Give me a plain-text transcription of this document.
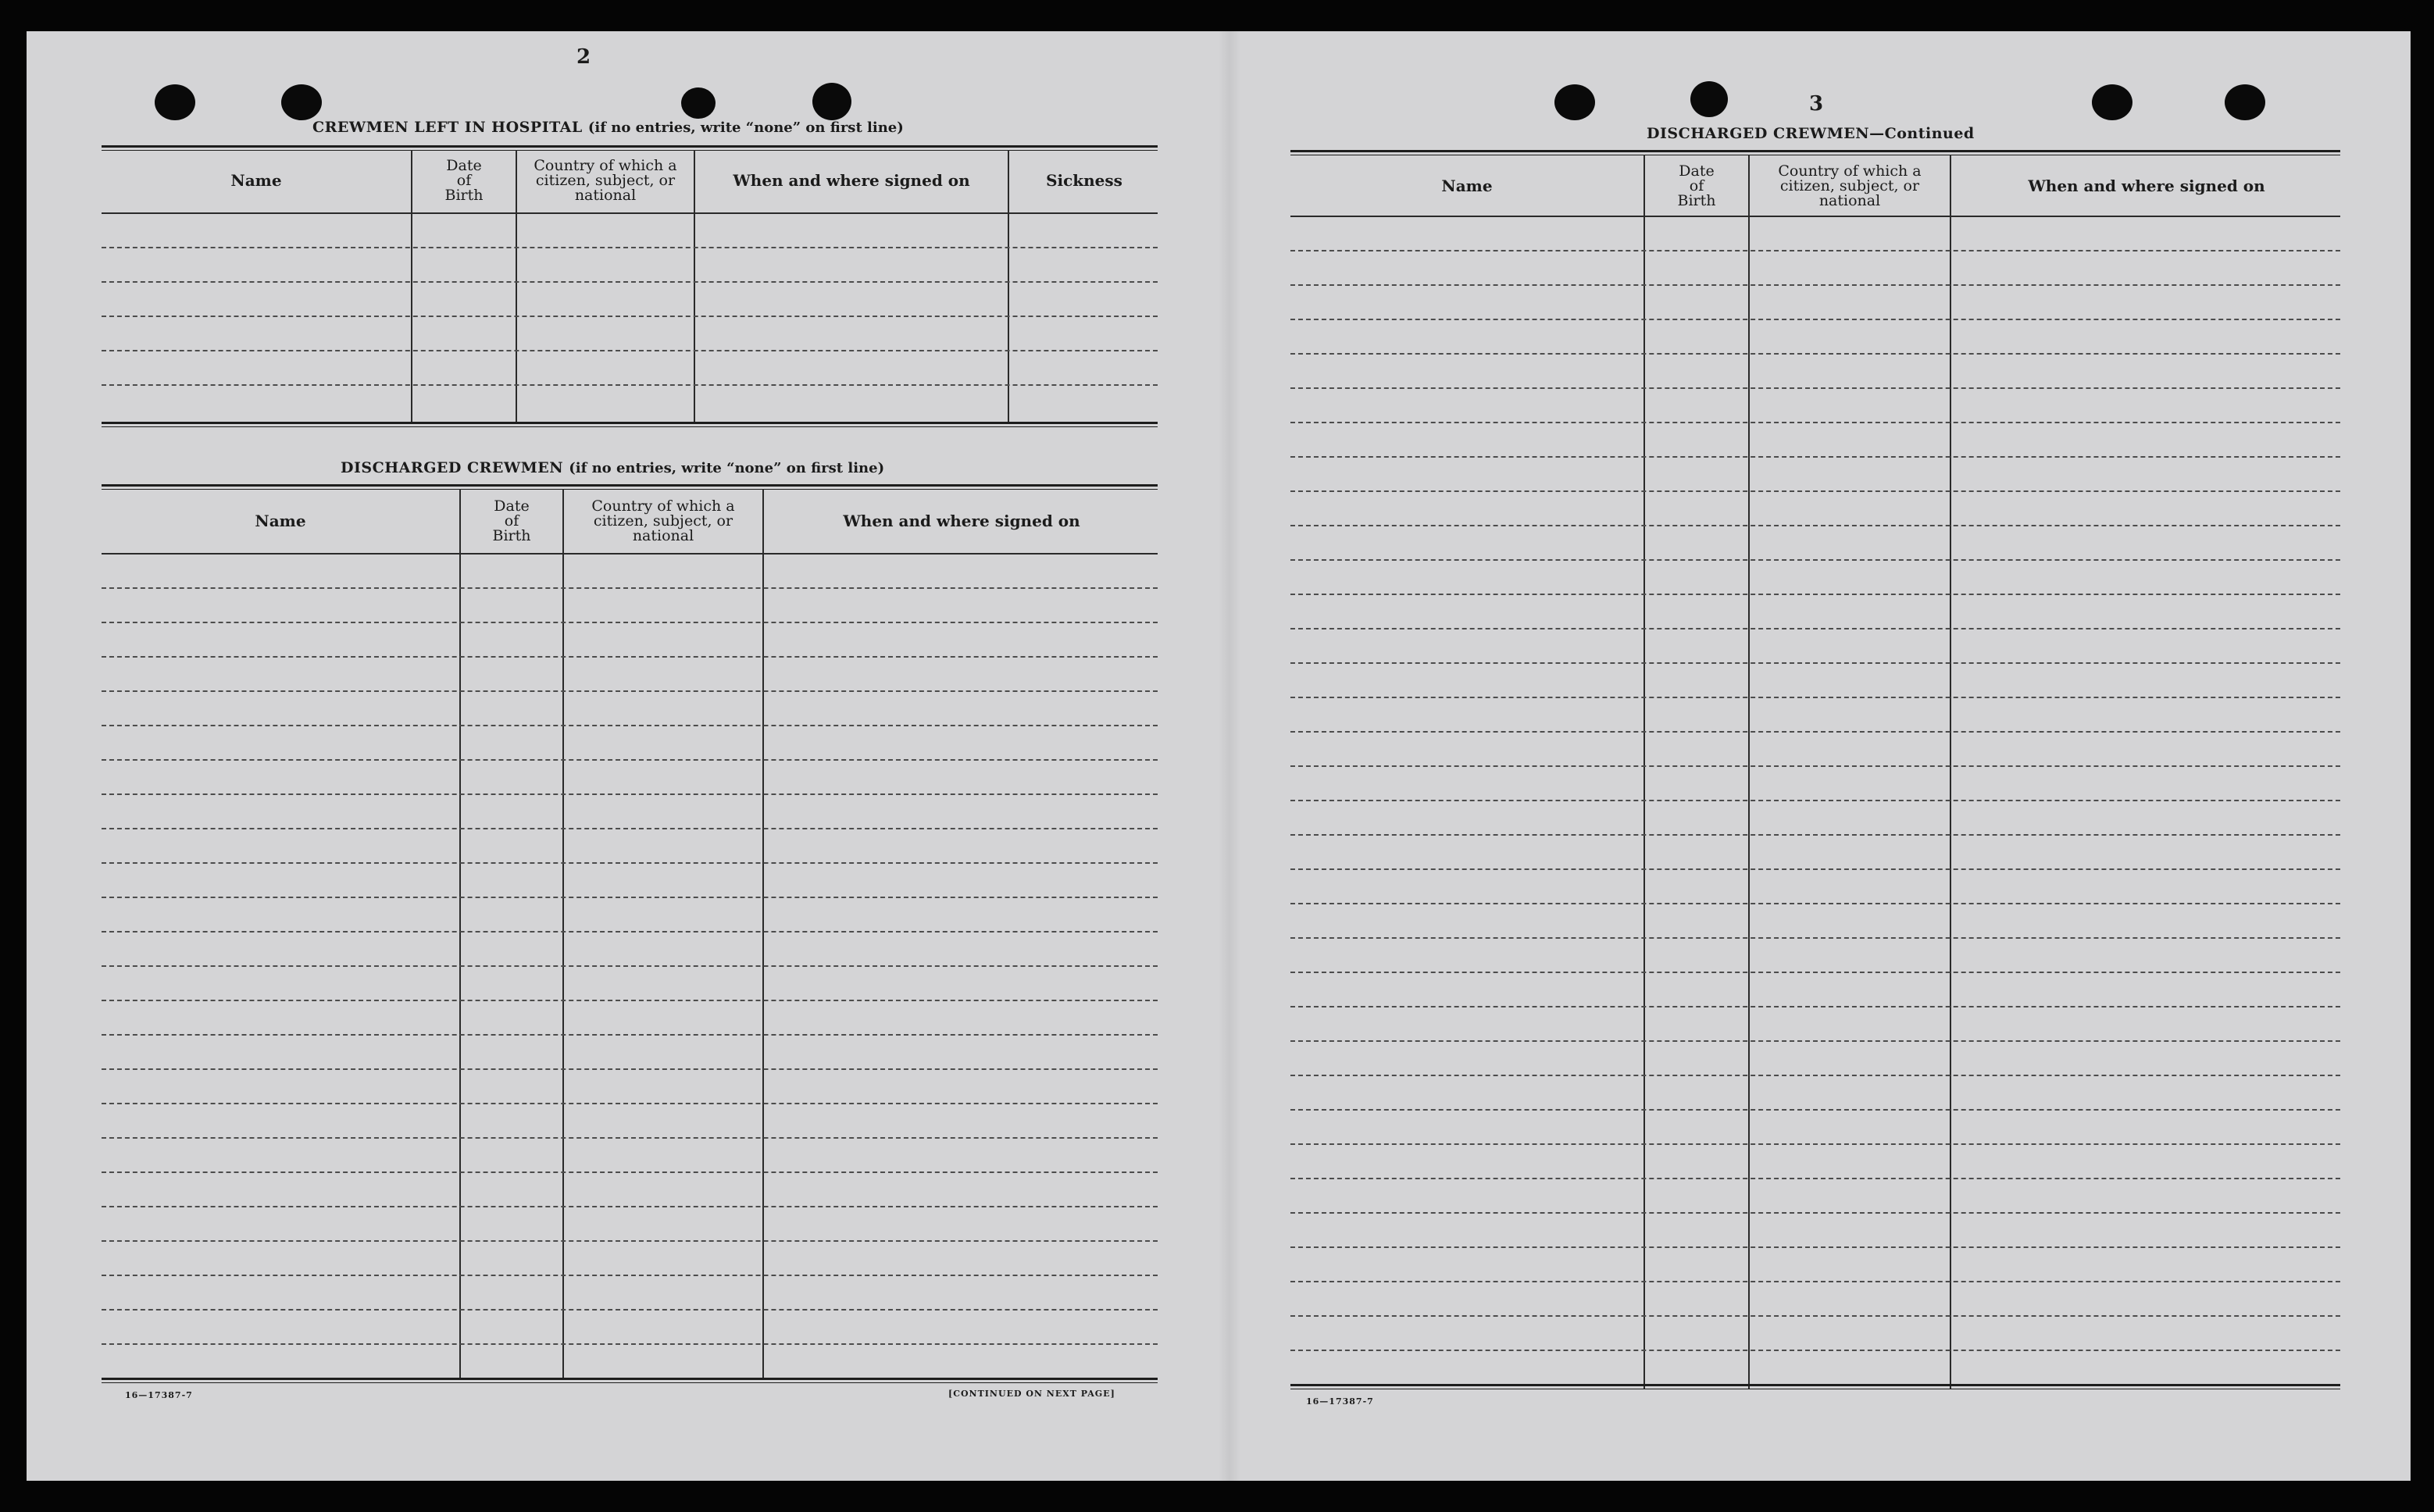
2
CREWMEN LEFT IN HOSPITAL (if no entries, write “none” on first line)
Name
Date of Birth
Country of which a citizen, subject, or national
When and where signed on	Sickness
DISCHARGED CREWMEN (if no entries, write “none” on first line)
Name
Date of Birth
Country of which a citizen, subject, or national
When and where signed on
16—17387‑7	[CONTINUED ON NEXT PAGE]
3
DISCHARGED CREWMEN—Continued
Name
Date of Birth
Country of which a citizen, subject, or national
When and where signed on
16—17387‑7
